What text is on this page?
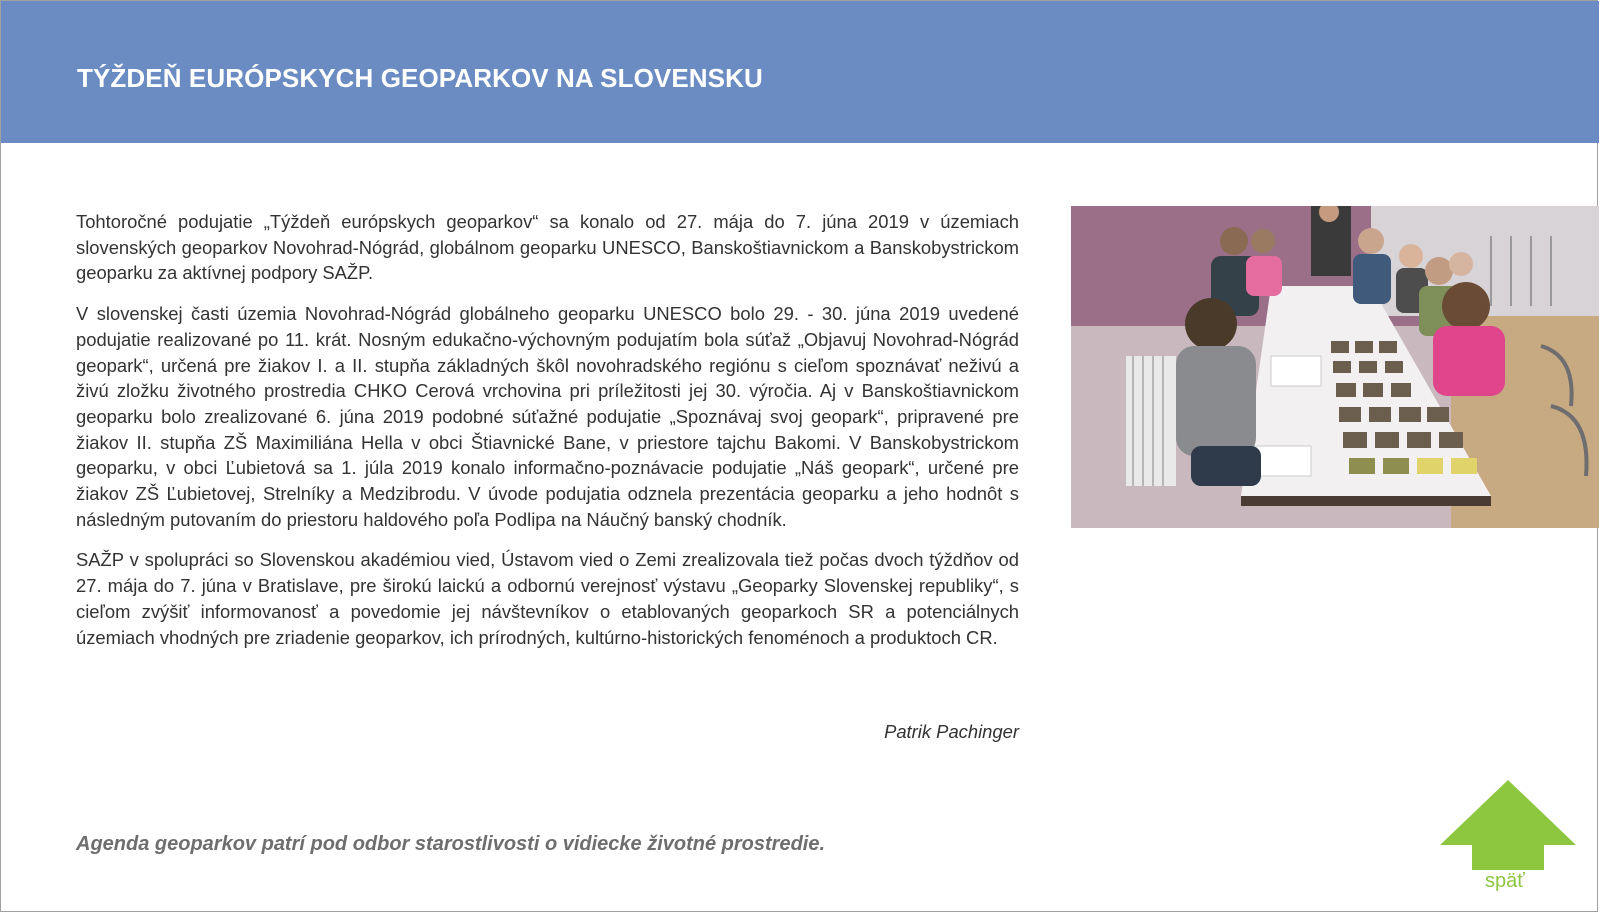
TÝŽDEŇ EURÓPSKYCH GEOPARKOV NA SLOVENSKU

Tohtoročné podujatie „Týždeň európskych geoparkov“ sa konalo od 27. mája do 7. júna 2019 v územiach slovenských geoparkov Novohrad-Nógrád, globálnom geoparku UNESCO, Banskoštiavnickom a Banskobystrickom geoparku za aktívnej podpory SAŽP.

V slovenskej časti územia Novohrad-Nógrád globálneho geoparku UNESCO bolo 29. - 30. júna 2019 uvedené podujatie realizované po 11. krát. Nosným edukačno-výchovným podujatím bola súťaž „Objavuj Novohrad-Nógrád geopark“, určená pre žiakov I. a II. stupňa základných škôl novohradského regiónu s cieľom spoznávať neživú a živú zložku životného prostredia CHKO Cerová vrchovina pri príležitosti jej 30. výročia. Aj v Banskoštiavnickom geoparku bolo zrealizované 6. júna 2019 podobné súťažné podujatie „Spoznávaj svoj geopark“, pripravené pre žiakov II. stupňa ZŠ Maximiliána Hella v obci Štiavnické Bane, v priestore tajchu Bakomi. V Banskobystrickom geoparku, v obci Ľubietová sa 1. júla 2019 konalo informačno-poznávacie podujatie „Náš geopark“, určené pre žiakov ZŠ Ľubietovej, Strelníky a Medzibrodu. V úvode podujatia odznela prezentácia geoparku a jeho hodnôt s následným putovaním do priestoru haldového poľa Podlipa na Náučný banský chodník.

SAŽP v spolupráci so Slovenskou akadémiou vied, Ústavom vied o Zemi zrealizovala tiež počas dvoch týždňov od 27. mája do 7. júna v Bratislave, pre širokú laickú a odbornú verejnosť výstavu „Geoparky Slovenskej republiky“, s cieľom zvýšiť informovanosť a povedomie jej návštevníkov o etablovaných geoparkoch SR a potenciálnych územiach vhodných pre zriadenie geoparkov, ich prírodných, kultúrno-historických fenoménoch a produktoch CR.

Patrik Pachinger

Agenda geoparkov patrí pod odbor starostlivosti o vidiecke životné prostredie.

späť
